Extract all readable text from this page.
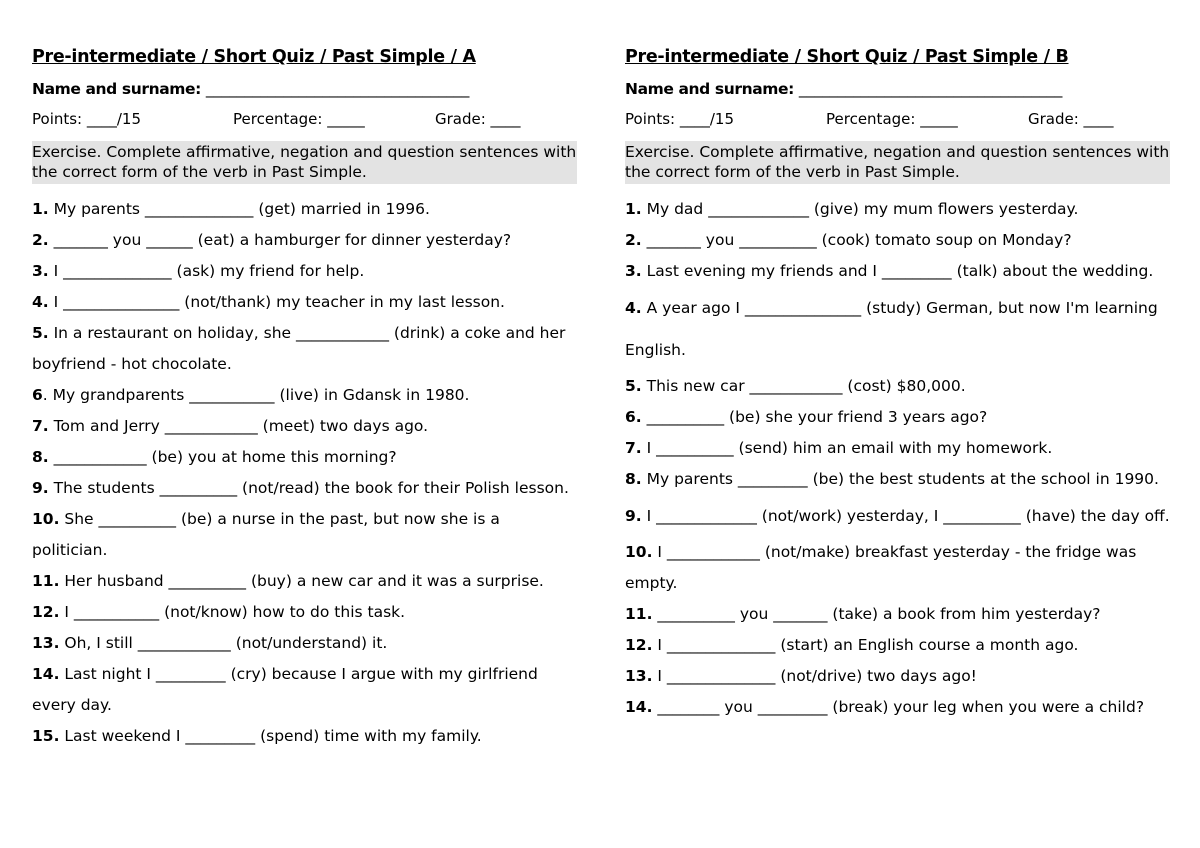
Pre-intermediate / Short Quiz / Past Simple / A
Name and surname: __________________________________
Points: ____/15	Percentage: _____	Grade: ____
Exercise. Complete affirmative, negation and question sentences with the correct form of the verb in Past Simple.
1. My parents ______________ (get) married in 1996.
2. _______ you ______ (eat) a hamburger for dinner yesterday?
3. I ______________ (ask) my friend for help.
4. I _______________ (not/thank) my teacher in my last lesson.
5. In a restaurant on holiday, she ____________ (drink) a coke and her boyfriend - hot chocolate.
6. My grandparents ___________ (live) in Gdansk in 1980.
7. Tom and Jerry ____________ (meet) two days ago.
8. ____________ (be) you at home this morning?
9. The students __________ (not/read) the book for their Polish lesson.
10. She __________ (be) a nurse in the past, but now she is a politician.
11. Her husband __________ (buy) a new car and it was a surprise.
12. I ___________ (not/know) how to do this task.
13. Oh, I still ____________ (not/understand) it.
14. Last night I _________ (cry) because I argue with my girlfriend every day.
15. Last weekend I _________ (spend) time with my family.
Pre-intermediate / Short Quiz / Past Simple / B
Name and surname: __________________________________
Points: ____/15	Percentage: _____	Grade: ____
Exercise. Complete affirmative, negation and question sentences with the correct form of the verb in Past Simple.
1. My dad _____________ (give) my mum flowers yesterday.
2. _______ you __________ (cook) tomato soup on Monday?
3. Last evening my friends and I _________ (talk) about the wedding.
4. A year ago I _______________ (study) German, but now I'm learning English.
5. This new car ____________ (cost) $80,000.
6. __________ (be) she your friend 3 years ago?
7. I __________ (send) him an email with my homework.
8. My parents _________ (be) the best students at the school in 1990.
9. I _____________ (not/work) yesterday, I __________ (have) the day off.
10. I ____________ (not/make) breakfast yesterday - the fridge was empty.
11. __________ you _______ (take) a book from him yesterday?
12. I ______________ (start) an English course a month ago.
13. I ______________ (not/drive) two days ago!
14. ________ you _________ (break) your leg when you were a child?
